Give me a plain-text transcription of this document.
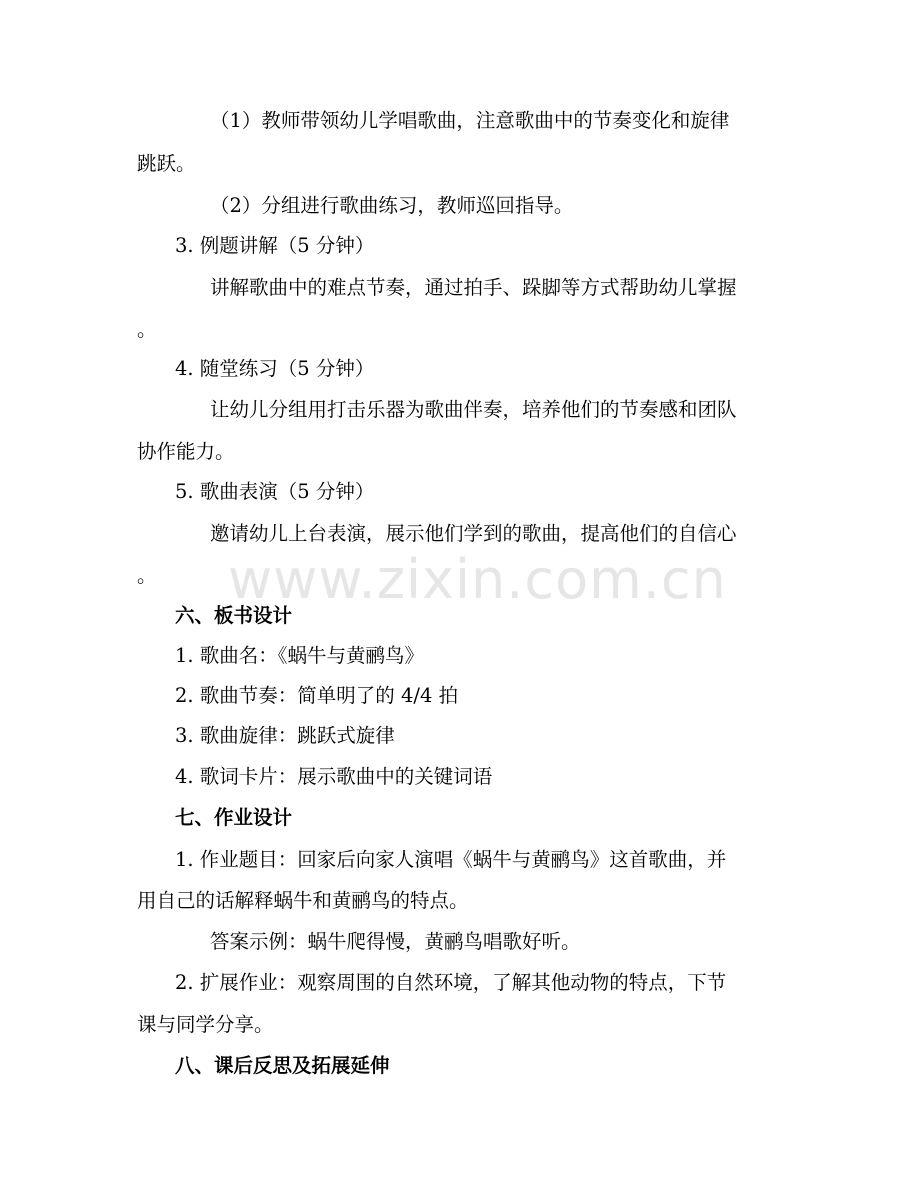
www.zixin.com.cn
（1）教师带领幼儿学唱歌曲，注意歌曲中的节奏变化和旋律
跳跃。
（2）分组进行歌曲练习，教师巡回指导。
3. 例题讲解（5 分钟）
讲解歌曲中的难点节奏，通过拍手、跺脚等方式帮助幼儿掌握
。
4. 随堂练习（5 分钟）
让幼儿分组用打击乐器为歌曲伴奏，培养他们的节奏感和团队
协作能力。
5. 歌曲表演（5 分钟）
邀请幼儿上台表演，展示他们学到的歌曲，提高他们的自信心
。
六、板书设计
1. 歌曲名：《蜗牛与黄鹂鸟》
2. 歌曲节奏：简单明了的 4/4 拍
3. 歌曲旋律：跳跃式旋律
4. 歌词卡片：展示歌曲中的关键词语
七、作业设计
1. 作业题目：回家后向家人演唱《蜗牛与黄鹂鸟》这首歌曲，并
用自己的话解释蜗牛和黄鹂鸟的特点。
答案示例：蜗牛爬得慢，黄鹂鸟唱歌好听。
2. 扩展作业：观察周围的自然环境，了解其他动物的特点，下节
课与同学分享。
八、课后反思及拓展延伸
